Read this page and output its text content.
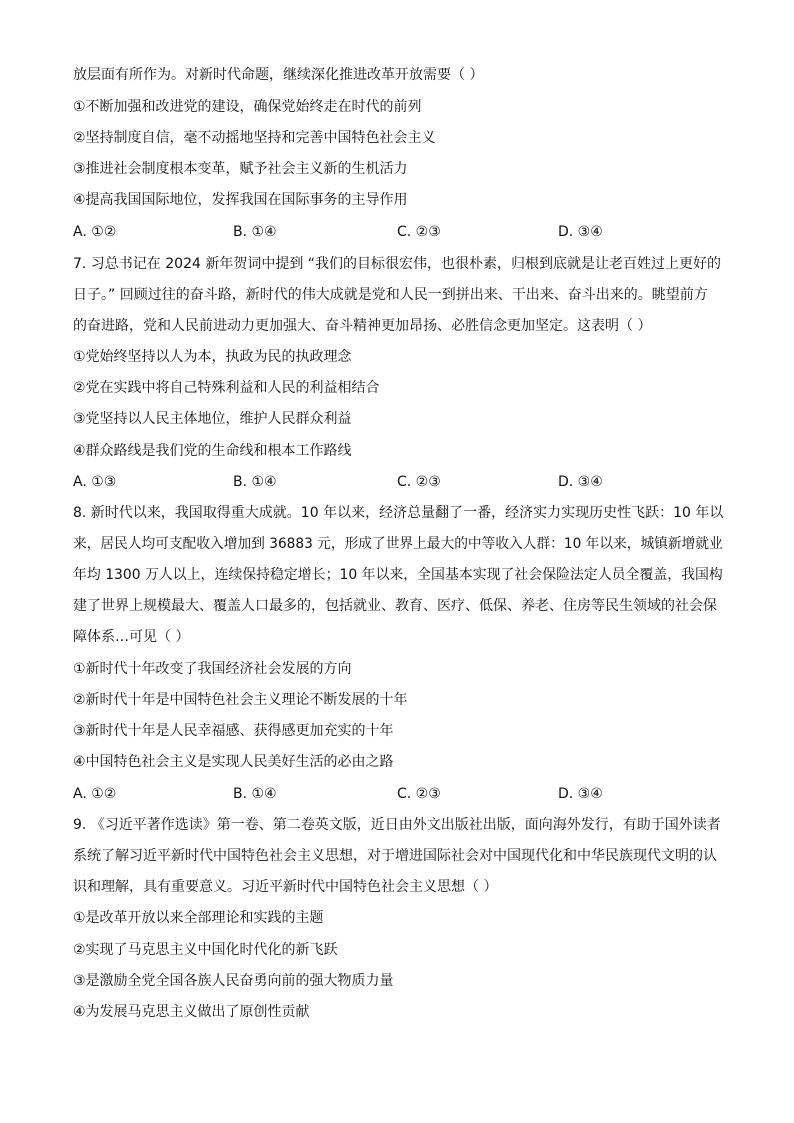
放层面有所作为。对新时代命题，继续深化推进改革开放需要（ ）
①不断加强和改进党的建设，确保党始终走在时代的前列
②坚持制度自信，毫不动摇地坚持和完善中国特色社会主义
③推进社会制度根本变革，赋予社会主义新的生机活力
④提高我国国际地位，发挥我国在国际事务的主导作用
A. ①②	B. ①④	C. ②③	D. ③④
7. 习总书记在 2024 新年贺词中提到 “我们的目标很宏伟，也很朴素，归根到底就是让老百姓过上更好的
日子。” 回顾过往的奋斗路，新时代的伟大成就是党和人民一到拼出来、干出来、奋斗出来的。眺望前方
的奋进路，党和人民前进动力更加强大、奋斗精神更加昂扬、必胜信念更加坚定。这表明（ ）
①党始终坚持以人为本，执政为民的执政理念
②党在实践中将自己特殊利益和人民的利益相结合
③党坚持以人民主体地位，维护人民群众利益
④群众路线是我们党的生命线和根本工作路线
A. ①③	B. ①④	C. ②③	D. ③④
8. 新时代以来，我国取得重大成就。10 年以来，经济总量翻了一番，经济实力实现历史性飞跃：10 年以
来，居民人均可支配收入增加到 36883 元，形成了世界上最大的中等收入人群：10 年以来，城镇新增就业
年均 1300 万人以上，连续保持稳定增长；10 年以来，全国基本实现了社会保险法定人员全覆盖，我国构
建了世界上规模最大、覆盖人口最多的，包括就业、教育、医疗、低保、养老、住房等民生领域的社会保
障体系…可见（ ）
①新时代十年改变了我国经济社会发展的方向
②新时代十年是中国特色社会主义理论不断发展的十年
③新时代十年是人民幸福感、获得感更加充实的十年
④中国特色社会主义是实现人民美好生活的必由之路
A. ①②	B. ①④	C. ②③	D. ③④
9. 《习近平著作选读》第一卷、第二卷英文版，近日由外文出版社出版，面向海外发行，有助于国外读者
系统了解习近平新时代中国特色社会主义思想，对于增进国际社会对中国现代化和中华民族现代文明的认
识和理解，具有重要意义。习近平新时代中国特色社会主义思想（ ）
①是改革开放以来全部理论和实践的主题
②实现了马克思主义中国化时代化的新飞跃
③是激励全党全国各族人民奋勇向前的强大物质力量
④为发展马克思主义做出了原创性贡献
